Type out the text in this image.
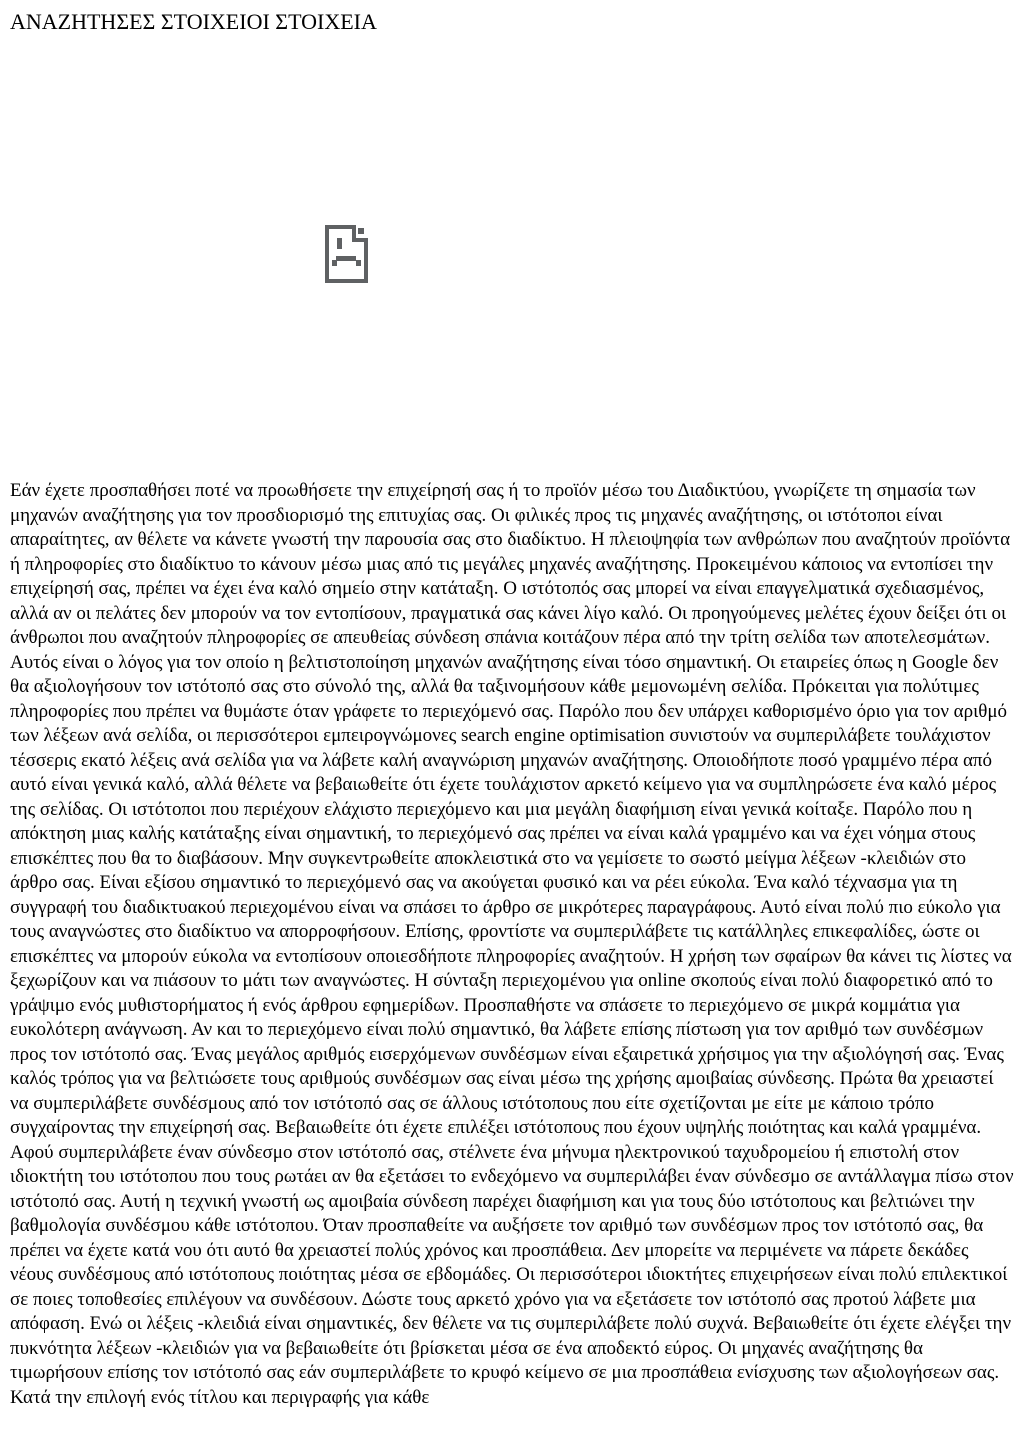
ΑΝΑΖΗΤΗΣΕΣ ΣΤΟΙΧΕΙΟΙ ΣΤΟΙΧΕΙΑ
Εάν έχετε προσπαθήσει ποτέ να προωθήσετε την επιχείρησή σας ή το προϊόν μέσω του Διαδικτύου, γνωρίζετε τη σημασία των μηχανών αναζήτησης για τον προσδιορισμό της επιτυχίας σας. Οι φιλικές προς τις μηχανές αναζήτησης, οι ιστότοποι είναι απαραίτητες, αν θέλετε να κάνετε γνωστή την παρουσία σας στο διαδίκτυο. Η πλειοψηφία των ανθρώπων που αναζητούν προϊόντα ή πληροφορίες στο διαδίκτυο το κάνουν μέσω μιας από τις μεγάλες μηχανές αναζήτησης. Προκειμένου κάποιος να εντοπίσει την επιχείρησή σας, πρέπει να έχει ένα καλό σημείο στην κατάταξη. Ο ιστότοπός σας μπορεί να είναι επαγγελματικά σχεδιασμένος, αλλά αν οι πελάτες δεν μπορούν να τον εντοπίσουν, πραγματικά σας κάνει λίγο καλό. Οι προηγούμενες μελέτες έχουν δείξει ότι οι άνθρωποι που αναζητούν πληροφορίες σε απευθείας σύνδεση σπάνια κοιτάζουν πέρα από την τρίτη σελίδα των αποτελεσμάτων. Αυτός είναι ο λόγος για τον οποίο η βελτιστοποίηση μηχανών αναζήτησης είναι τόσο σημαντική. Οι εταιρείες όπως η Google δεν θα αξιολογήσουν τον ιστότοπό σας στο σύνολό της, αλλά θα ταξινομήσουν κάθε μεμονωμένη σελίδα. Πρόκειται για πολύτιμες πληροφορίες που πρέπει να θυμάστε όταν γράφετε το περιεχόμενό σας. Παρόλο που δεν υπάρχει καθορισμένο όριο για τον αριθμό των λέξεων ανά σελίδα, οι περισσότεροι εμπειρογνώμονες search engine optimisation συνιστούν να συμπεριλάβετε τουλάχιστον τέσσερις εκατό λέξεις ανά σελίδα για να λάβετε καλή αναγνώριση μηχανών αναζήτησης. Οποιοδήποτε ποσό γραμμένο πέρα από αυτό είναι γενικά καλό, αλλά θέλετε να βεβαιωθείτε ότι έχετε τουλάχιστον αρκετό κείμενο για να συμπληρώσετε ένα καλό μέρος της σελίδας. Οι ιστότοποι που περιέχουν ελάχιστο περιεχόμενο και μια μεγάλη διαφήμιση είναι γενικά κοίταξε. Παρόλο που η απόκτηση μιας καλής κατάταξης είναι σημαντική, το περιεχόμενό σας πρέπει να είναι καλά γραμμένο και να έχει νόημα στους επισκέπτες που θα το διαβάσουν. Μην συγκεντρωθείτε αποκλειστικά στο να γεμίσετε το σωστό μείγμα λέξεων -κλειδιών στο άρθρο σας. Είναι εξίσου σημαντικό το περιεχόμενό σας να ακούγεται φυσικό και να ρέει εύκολα. Ένα καλό τέχνασμα για τη συγγραφή του διαδικτυακού περιεχομένου είναι να σπάσει το άρθρο σε μικρότερες παραγράφους. Αυτό είναι πολύ πιο εύκολο για τους αναγνώστες στο διαδίκτυο να απορροφήσουν. Επίσης, φροντίστε να συμπεριλάβετε τις κατάλληλες επικεφαλίδες, ώστε οι επισκέπτες να μπορούν εύκολα να εντοπίσουν οποιεσδήποτε πληροφορίες αναζητούν. Η χρήση των σφαίρων θα κάνει τις λίστες να ξεχωρίζουν και να πιάσουν το μάτι των αναγνώστες. Η σύνταξη περιεχομένου για online σκοπούς είναι πολύ διαφορετικό από το γράψιμο ενός μυθιστορήματος ή ενός άρθρου εφημερίδων. Προσπαθήστε να σπάσετε το περιεχόμενο σε μικρά κομμάτια για ευκολότερη ανάγνωση. Αν και το περιεχόμενο είναι πολύ σημαντικό, θα λάβετε επίσης πίστωση για τον αριθμό των συνδέσμων προς τον ιστότοπό σας. Ένας μεγάλος αριθμός εισερχόμενων συνδέσμων είναι εξαιρετικά χρήσιμος για την αξιολόγησή σας. Ένας καλός τρόπος για να βελτιώσετε τους αριθμούς συνδέσμων σας είναι μέσω της χρήσης αμοιβαίας σύνδεσης. Πρώτα θα χρειαστεί να συμπεριλάβετε συνδέσμους από τον ιστότοπό σας σε άλλους ιστότοπους που είτε σχετίζονται με είτε με κάποιο τρόπο συγχαίροντας την επιχείρησή σας. Βεβαιωθείτε ότι έχετε επιλέξει ιστότοπους που έχουν υψηλής ποιότητας και καλά γραμμένα. Αφού συμπεριλάβετε έναν σύνδεσμο στον ιστότοπό σας, στέλνετε ένα μήνυμα ηλεκτρονικού ταχυδρομείου ή επιστολή στον ιδιοκτήτη του ιστότοπου που τους ρωτάει αν θα εξετάσει το ενδεχόμενο να συμπεριλάβει έναν σύνδεσμο σε αντάλλαγμα πίσω στον ιστότοπό σας. Αυτή η τεχνική γνωστή ως αμοιβαία σύνδεση παρέχει διαφήμιση και για τους δύο ιστότοπους και βελτιώνει την βαθμολογία συνδέσμου κάθε ιστότοπου. Όταν προσπαθείτε να αυξήσετε τον αριθμό των συνδέσμων προς τον ιστότοπό σας, θα πρέπει να έχετε κατά νου ότι αυτό θα χρειαστεί πολύς χρόνος και προσπάθεια. Δεν μπορείτε να περιμένετε να πάρετε δεκάδες νέους συνδέσμους από ιστότοπους ποιότητας μέσα σε εβδομάδες. Οι περισσότεροι ιδιοκτήτες επιχειρήσεων είναι πολύ επιλεκτικοί σε ποιες τοποθεσίες επιλέγουν να συνδέσουν. Δώστε τους αρκετό χρόνο για να εξετάσετε τον ιστότοπό σας προτού λάβετε μια απόφαση. Ενώ οι λέξεις -κλειδιά είναι σημαντικές, δεν θέλετε να τις συμπεριλάβετε πολύ συχνά. Βεβαιωθείτε ότι έχετε ελέγξει την πυκνότητα λέξεων -κλειδιών για να βεβαιωθείτε ότι βρίσκεται μέσα σε ένα αποδεκτό εύρος. Οι μηχανές αναζήτησης θα τιμωρήσουν επίσης τον ιστότοπό σας εάν συμπεριλάβετε το κρυφό κείμενο σε μια προσπάθεια ενίσχυσης των αξιολογήσεων σας. Κατά την επιλογή ενός τίτλου και περιγραφής για κάθε
